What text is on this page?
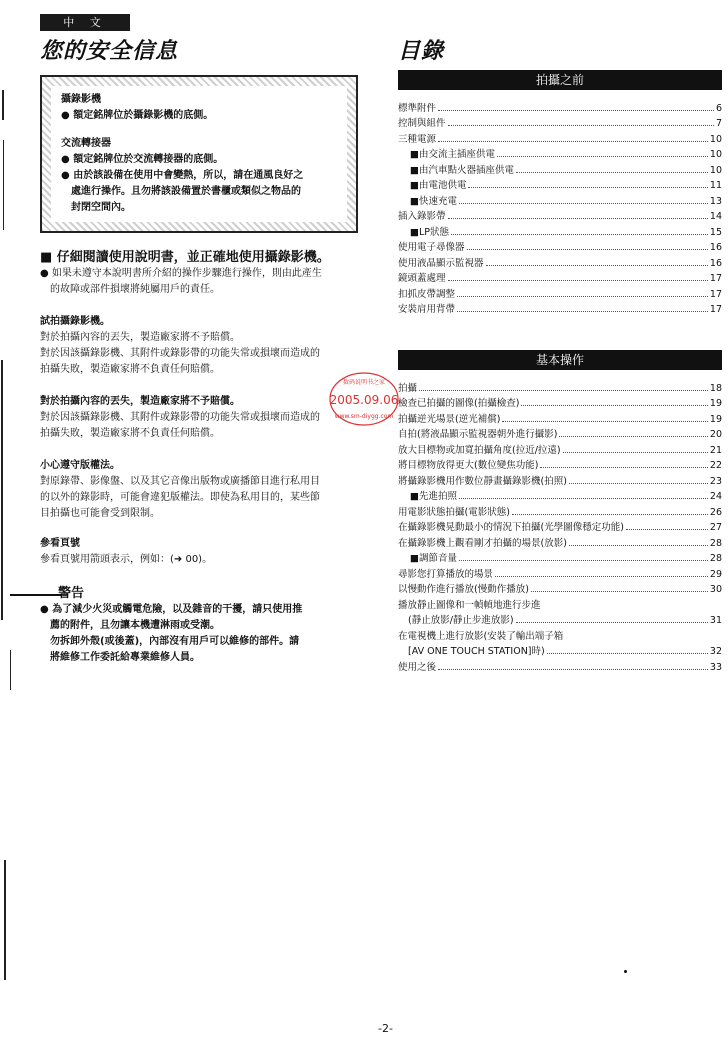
中 文
您的安全信息
攝錄影機
● 額定銘牌位於攝錄影機的底側。
交流轉接器
● 額定銘牌位於交流轉接器的底側。
● 由於該設備在使用中會變熱，所以，請在通風良好之
處進行操作。且勿將該設備置於書櫃或類似之物品的
封閉空間內。
■ 仔細閱讀使用說明書，並正確地使用攝錄影機。
● 如果未遵守本說明書所介紹的操作步驟進行操作，則由此產生
的故障或部件損壞將純屬用戶的責任。
試拍攝錄影機。
對於拍攝內容的丟失，製造廠家將不予賠償。
對於因該攝錄影機、其附件或錄影帶的功能失常或損壞而造成的
拍攝失敗，製造廠家將不負責任何賠償。
對於拍攝內容的丟失，製造廠家將不予賠償。
對於因該攝錄影機、其附件或錄影帶的功能失常或損壞而造成的
拍攝失敗，製造廠家將不負責任何賠償。
小心遵守版權法。
對原錄帶、影像盤、以及其它音像出版物或廣播節目進行私用目
的以外的錄影時，可能會違犯版權法。即使為私用目的，某些節
目拍攝也可能會受到限制。
參看頁號
參看頁號用箭頭表示，例如：(➜ 00)。
警告
● 為了減少火災或觸電危險，以及雜音的干擾，請只使用推
薦的附件，且勿讓本機遭淋雨或受潮。
勿拆卸外殼(或後蓋)，內部沒有用戶可以維修的部件。請
將維修工作委託給專業維修人員。
目錄
拍攝之前
標準附件	6
控制與組件	7
三種電源	10
■由交流主插座供電	10
■由汽車點火器插座供電	10
■由電池供電	11
■快速充電	13
插入錄影帶	14
■LP狀態	15
使用電子尋像器	16
使用液晶顯示監視器	16
鏡頭蓋處理	17
扣抓皮帶調整	17
安裝肩用背帶	17
基本操作
拍攝	18
檢查已拍攝的圖像(拍攝檢查)	19
拍攝逆光場景(逆光補償)	19
自拍(將液晶顯示監視器朝外進行攝影)	20
放大目標物或加寬拍攝角度(拉近/拉遠)	21
將目標物放得更大(數位變焦功能)	22
將攝錄影機用作數位靜畫攝錄影機(拍照)	23
■先進拍照	24
用電影狀態拍攝(電影狀態)	26
在攝錄影機晃動最小的情況下拍攝(光學圖像穩定功能)	27
在攝錄影機上觀看剛才拍攝的場景(放影)	28
■調節音量	28
尋影您打算播放的場景	29
以慢動作進行播放(慢動作播放)	30
播放靜止圖像和一幀幀地進行步進
(靜止放影/靜止步進放影)	31
在電視機上進行放影(安裝了輸出端子箱
[AV ONE TOUCH STATION]時)	32
使用之後	33
数码说明书之家
2005.09.06
www.sm-diygg.com
-2-
